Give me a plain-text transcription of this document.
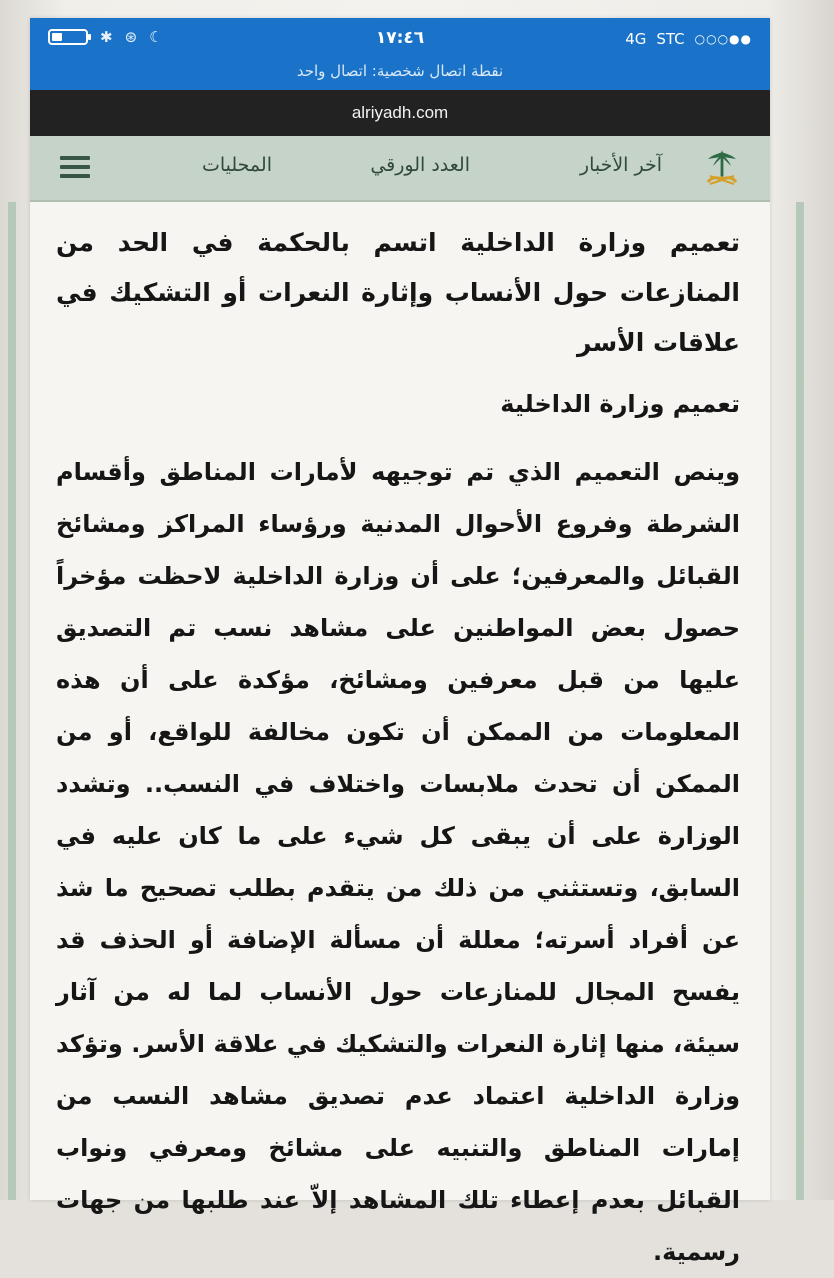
✱ ⊛ ☾	١٧:٤٦	4G STC ○○○●●
نقطة اتصال شخصية: اتصال واحد
alriyadh.com
آخر الأخبار
العدد الورقي
المحليات
تعميم وزارة الداخلية اتسم بالحكمة في الحد من المنازعات حول الأنساب وإثارة النعرات أو التشكيك في علاقات الأسر
تعميم وزارة الداخلية

وينص التعميم الذي تم توجيهه لأمارات المناطق وأقسام الشرطة وفروع الأحوال المدنية ورؤساء المراكز ومشائخ القبائل والمعرفين؛ على أن وزارة الداخلية لاحظت مؤخراً حصول بعض المواطنين على مشاهد نسب تم التصديق عليها من قبل معرفين ومشائخ، مؤكدة على أن هذه المعلومات من الممكن أن تكون مخالفة للواقع، أو من الممكن أن تحدث ملابسات واختلاف في النسب.. وتشدد الوزارة على أن يبقى كل شيء على ما كان عليه في السابق، وتستثني من ذلك من يتقدم بطلب تصحيح ما شذ عن أفراد أسرته؛ معللة أن مسألة الإضافة أو الحذف قد يفسح المجال للمنازعات حول الأنساب لما له من آثار سيئة، منها إثارة النعرات والتشكيك في علاقة الأسر. وتؤكد وزارة الداخلية اعتماد عدم تصديق مشاهد النسب من إمارات المناطق والتنبيه على مشائخ ومعرفي ونواب القبائل بعدم إعطاء تلك المشاهد إلاّ عند طلبها من جهات رسمية.
